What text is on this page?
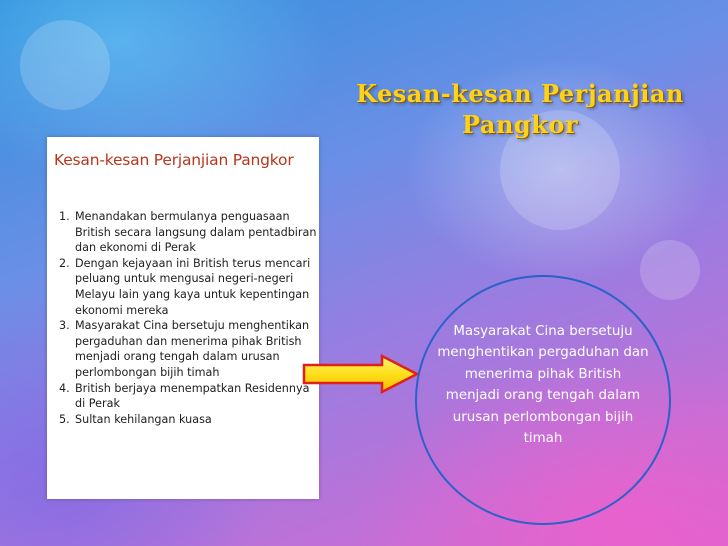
Kesan-kesan Perjanjian
Pangkor
Kesan-kesan Perjanjian Pangkor
1. Menandakan bermulanya penguasaan British secara langsung dalam pentadbiran dan ekonomi di Perak
2. Dengan kejayaan ini British terus mencari peluang untuk mengusai negeri-negeri Melayu lain yang kaya untuk kepentingan ekonomi mereka
3. Masyarakat Cina bersetuju menghentikan pergaduhan dan menerima pihak British menjadi orang tengah dalam urusan perlombongan bijih timah
4. British berjaya menempatkan Residennya di Perak
5. Sultan kehilangan kuasa
Masyarakat Cina bersetuju menghentikan pergaduhan dan menerima pihak British menjadi orang tengah dalam urusan perlombongan bijih timah
